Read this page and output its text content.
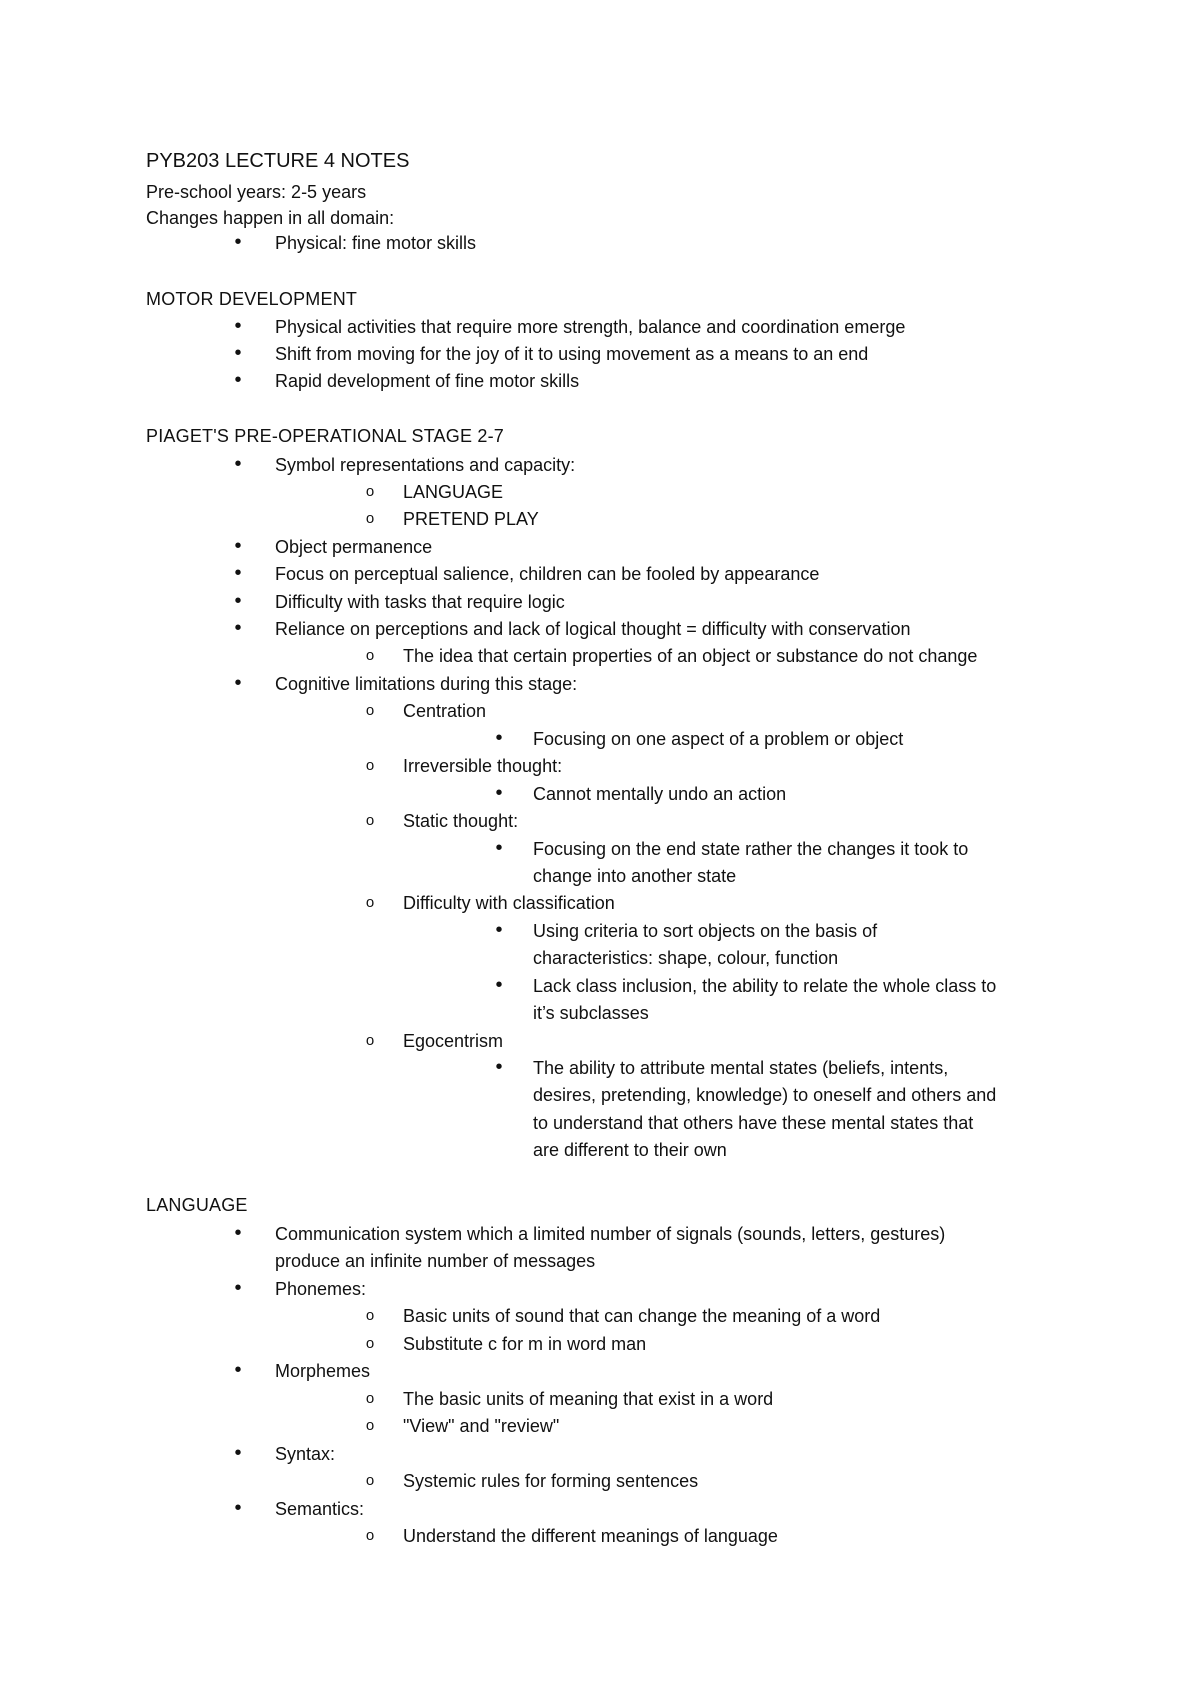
PYB203 LECTURE 4 NOTES
Pre-school years: 2-5 years
Changes happen in all domain:
•	Physical: fine motor skills
MOTOR DEVELOPMENT
•	Physical activities that require more strength, balance and coordination emerge
•	Shift from moving for the joy of it to using movement as a means to an end
•	Rapid development of fine motor skills
PIAGET'S PRE-OPERATIONAL STAGE 2-7
•	Symbol representations and capacity:
o LANGUAGE
o PRETEND PLAY
•	Object permanence
•	Focus on perceptual salience, children can be fooled by appearance
•	Difficulty with tasks that require logic
•	Reliance on perceptions and lack of logical thought = difficulty with conservation
o The idea that certain properties of an object or substance do not change
•	Cognitive limitations during this stage:
o Centration
•	Focusing on one aspect of a problem or object
o Irreversible thought:
•	Cannot mentally undo an action
o Static thought:
•	Focusing on the end state rather the changes it took to
change into another state
o Difficulty with classification
•	Using criteria to sort objects on the basis of
characteristics: shape, colour, function
•	Lack class inclusion, the ability to relate the whole class to
it’s subclasses
o Egocentrism
•	The ability to attribute mental states (beliefs, intents,
desires, pretending, knowledge) to oneself and others and
to understand that others have these mental states that
are different to their own
LANGUAGE
•	Communication system which a limited number of signals (sounds, letters, gestures)
produce an infinite number of messages
•	Phonemes:
o Basic units of sound that can change the meaning of a word
o Substitute c for m in word man
•	Morphemes
o The basic units of meaning that exist in a word
o "View" and "review"
•	Syntax:
o Systemic rules for forming sentences
•	Semantics:
o Understand the different meanings of language
